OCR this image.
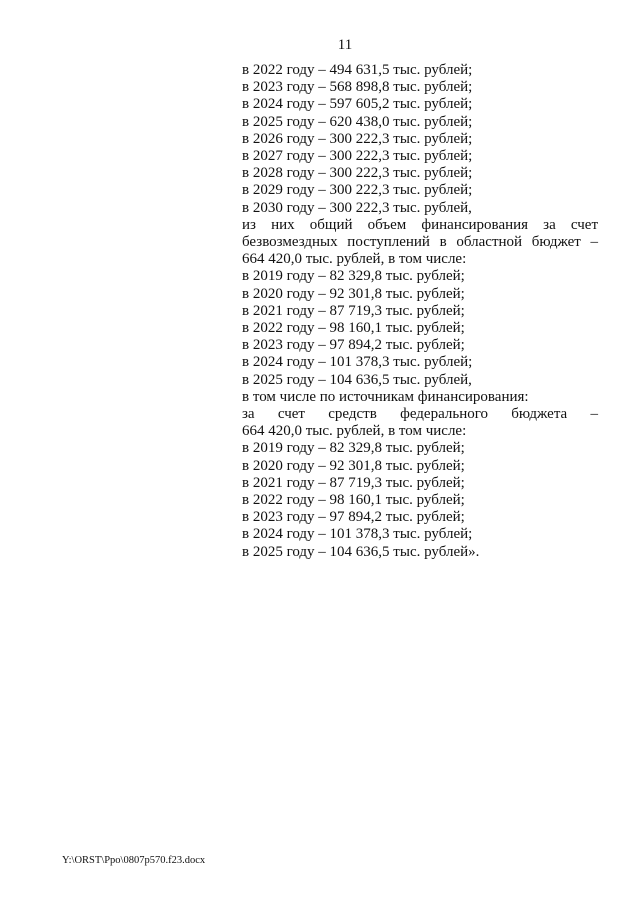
11
в 2022 году – 494 631,5 тыс. рублей;
в 2023 году – 568 898,8 тыс. рублей;
в 2024 году – 597 605,2 тыс. рублей;
в 2025 году – 620 438,0 тыс. рублей;
в 2026 году – 300 222,3 тыс. рублей;
в 2027 году – 300 222,3 тыс. рублей;
в 2028 году – 300 222,3 тыс. рублей;
в 2029 году – 300 222,3 тыс. рублей;
в 2030 году – 300 222,3 тыс. рублей,
из них общий объем финансирования за счет
безвозмездных поступлений в областной бюджет –
664 420,0 тыс. рублей, в том числе:
в 2019 году – 82 329,8 тыс. рублей;
в 2020 году – 92 301,8 тыс. рублей;
в 2021 году – 87 719,3 тыс. рублей;
в 2022 году – 98 160,1 тыс. рублей;
в 2023 году – 97 894,2 тыс. рублей;
в 2024 году – 101 378,3 тыс. рублей;
в 2025 году – 104 636,5 тыс. рублей,
в том числе по источникам финансирования:
за счет средств федерального бюджета –
664 420,0 тыс. рублей, в том числе:
в 2019 году – 82 329,8 тыс. рублей;
в 2020 году – 92 301,8 тыс. рублей;
в 2021 году – 87 719,3 тыс. рублей;
в 2022 году – 98 160,1 тыс. рублей;
в 2023 году – 97 894,2 тыс. рублей;
в 2024 году – 101 378,3 тыс. рублей;
в 2025 году – 104 636,5 тыс. рублей».
Y:\ORST\Ppo\0807p570.f23.docx
